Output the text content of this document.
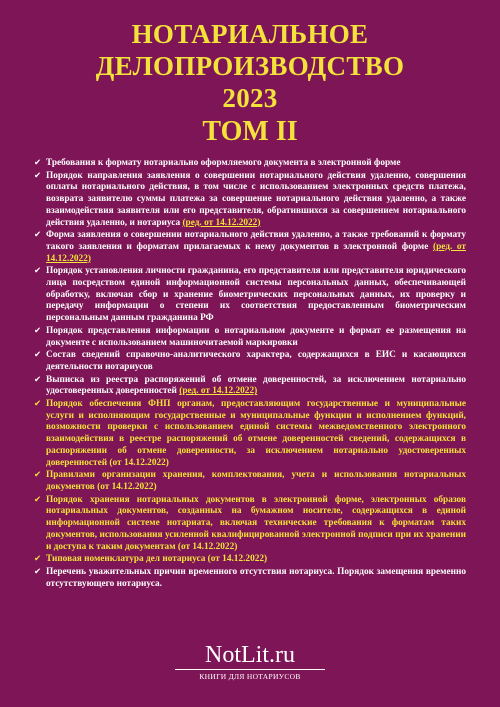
НОТАРИАЛЬНОЕ
ДЕЛОПРОИЗВОДСТВО
2023
ТОМ II
✔ Требования к формату нотариально оформляемого документа в электронной форме
✔ Порядок направления заявления о совершении нотариального действия удаленно, совершения оплаты нотариального действия, в том числе с использованием электронных средств платежа, возврата заявителю суммы платежа за совершение нотариального действия удаленно, а также взаимодействия заявителя или его представителя, обратившихся за совершением нотариального действия удаленно, и нотариуса (ред. от 14.12.2022)
✔ Форма заявления о совершении нотариального действия удаленно, а также требований к формату такого заявления и форматам прилагаемых к нему документов в электронной форме (ред. от 14.12.2022)
✔ Порядок установления личности гражданина, его представителя или представителя юридического лица посредством единой информационной системы персональных данных, обеспечивающей обработку, включая сбор и хранение биометрических персональных данных, их проверку и передачу информации о степени их соответствия предоставленным биометрическим персональным данным гражданина РФ
✔ Порядок представления информации о нотариальном документе и формат ее размещения на документе с использованием машиночитаемой маркировки
✔ Состав сведений справочно-аналитического характера, содержащихся в ЕИС и касающихся деятельности нотариусов
✔ Выписка из реестра распоряжений об отмене доверенностей, за исключением нотариально удостоверенных доверенностей (ред. от 14.12.2022)
✔ Порядок обеспечения ФНП органам, предоставляющим государственные и муниципальные услуги и исполняющим государственные и муниципальные функции и исполнением функций, возможности проверки с использованием единой системы межведомственного электронного взаимодействия в реестре распоряжений об отмене доверенностей сведений, содержащихся в распоряжении об отмене доверенности, за исключением нотариально удостоверенных доверенностей (от 14.12.2022)
✔ Правилами организации хранения, комплектования, учета и использования нотариальных документов (от 14.12.2022)
✔ Порядок хранения нотариальных документов в электронной форме, электронных образов нотариальных документов, созданных на бумажном носителе, содержащихся в единой информационной системе нотариата, включая технические требования к форматам таких документов, использования усиленной квалифицированной электронной подписи при их хранении и доступа к таким документам (от 14.12.2022)
✔ Типовая номенклатура дел нотариуса (от 14.12.2022)
✔ Перечень уважительных причин временного отсутствия нотариуса. Порядок замещения временно отсутствующего нотариуса.
NotLit.ru
КНИГИ ДЛЯ НОТАРИУСОВ
